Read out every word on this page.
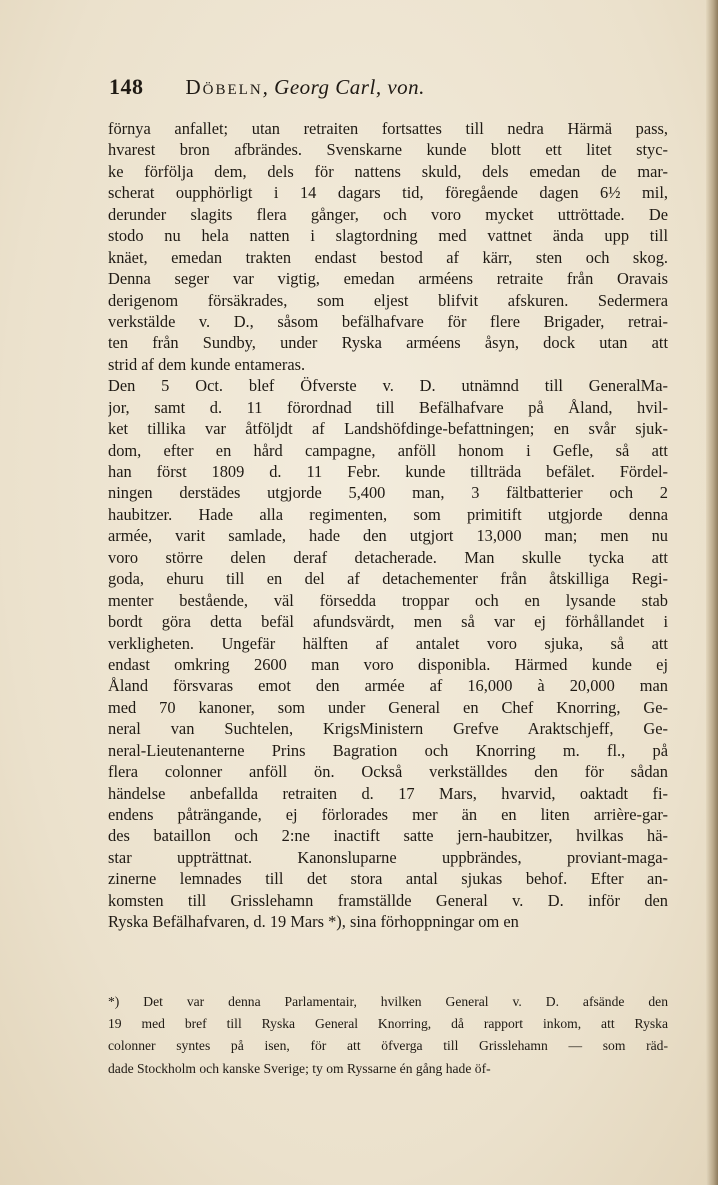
148 Döbeln, Georg Carl, von.
förnya anfallet; utan retraiten fortsattes till nedra Härmä pass,
hvarest bron afbrändes. Svenskarne kunde blott ett litet styc-
ke förfölja dem, dels för nattens skuld, dels emedan de mar-
scherat oupphörligt i 14 dagars tid, föregående dagen 6½ mil,
derunder slagits flera gånger, och voro mycket uttröttade. De
stodo nu hela natten i slagtordning med vattnet ända upp till
knäet, emedan trakten endast bestod af kärr, sten och skog.
Denna seger var vigtig, emedan arméens retraite från Oravais
derigenom försäkrades, som eljest blifvit afskuren. Sedermera
verkstälde v. D., såsom befälhafvare för flere Brigader, retrai-
ten från Sundby, under Ryska arméens åsyn, dock utan att
strid af dem kunde entameras.
Den 5 Oct. blef Öfverste v. D. utnämnd till GeneralMa-
jor, samt d. 11 förordnad till Befälhafvare på Åland, hvil-
ket tillika var åtföljdt af Landshöfdinge-befattningen; en svår sjuk-
dom, efter en hård campagne, anföll honom i Gefle, så att
han först 1809 d. 11 Febr. kunde tillträda befälet. Fördel-
ningen derstädes utgjorde 5,400 man, 3 fältbatterier och 2
haubitzer. Hade alla regimenten, som primitift utgjorde denna
armée, varit samlade, hade den utgjort 13,000 man; men nu
voro större delen deraf detacherade. Man skulle tycka att
goda, ehuru till en del af detachementer från åtskilliga Regi-
menter bestående, väl försedda troppar och en lysande stab
bordt göra detta befäl afundsvärdt, men så var ej förhållandet i
verkligheten. Ungefär hälften af antalet voro sjuka, så att
endast omkring 2600 man voro disponibla. Härmed kunde ej
Åland försvaras emot den armée af 16,000 à 20,000 man
med 70 kanoner, som under General en Chef Knorring, Ge-
neral van Suchtelen, KrigsMinistern Grefve Araktschjeff, Ge-
neral-Lieutenanterne Prins Bagration och Knorring m. fl., på
flera colonner anföll ön. Också verkställdes den för sådan
händelse anbefallda retraiten d. 17 Mars, hvarvid, oaktadt fi-
endens påträngande, ej förlorades mer än en liten arrière-gar-
des bataillon och 2:ne inactift satte jern-haubitzer, hvilkas hä-
star uppträttnat. Kanonsluparne uppbrändes, proviant-maga-
zinerne lemnades till det stora antal sjukas behof. Efter an-
komsten till Grisslehamn framställde General v. D. inför den
Ryska Befälhafvaren, d. 19 Mars *), sina förhoppningar om en
*) Det var denna Parlamentair, hvilken General v. D. afsände den
19 med bref till Ryska General Knorring, då rapport inkom, att Ryska
colonner syntes på isen, för att öfverga till Grisslehamn — som räd-
dade Stockholm och kanske Sverige; ty om Ryssarne én gång hade öf-
